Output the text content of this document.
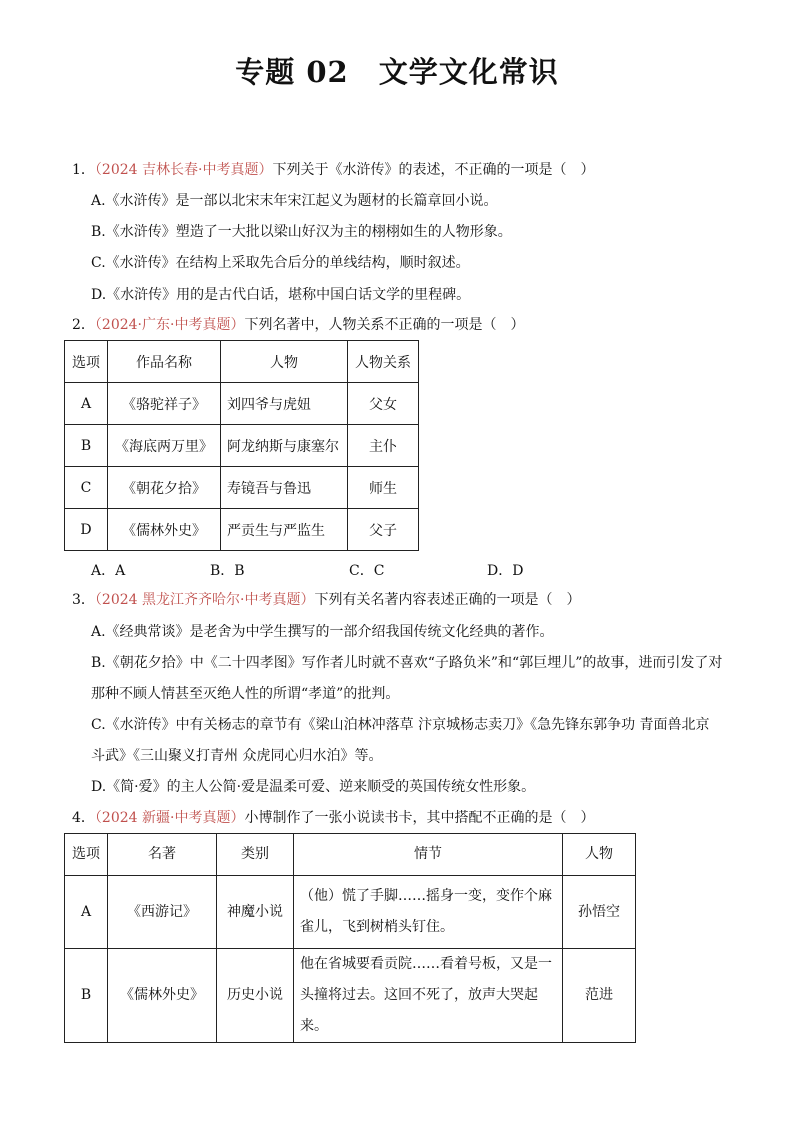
专题 02 文学文化常识
1．（2024 吉林长春·中考真题）下列关于《水浒传》的表述，不正确的一项是（　）
A.《水浒传》是一部以北宋末年宋江起义为题材的长篇章回小说。
B.《水浒传》塑造了一大批以梁山好汉为主的栩栩如生的人物形象。
C.《水浒传》在结构上采取先合后分的单线结构，顺时叙述。
D.《水浒传》用的是古代白话，堪称中国白话文学的里程碑。
2．（2024·广东·中考真题）下列名著中，人物关系不正确的一项是（　）
选项	作品名称	人物	人物关系
A	《骆驼祥子》	刘四爷与虎妞	父女
B	《海底两万里》	阿龙纳斯与康塞尔	主仆
C	《朝花夕拾》	寿镜吾与鲁迅	师生
D	《儒林外史》	严贡生与严监生	父子
A．A	B．B	C．C	D．D
3．（2024 黑龙江齐齐哈尔·中考真题）下列有关名著内容表述正确的一项是（　）
A.《经典常谈》是老舍为中学生撰写的一部介绍我国传统文化经典的著作。
B.《朝花夕拾》中《二十四孝图》写作者儿时就不喜欢“子路负米”和“郭巨埋儿”的故事，进而引发了对
那种不顾人情甚至灭绝人性的所谓“孝道”的批判。
C.《水浒传》中有关杨志的章节有《梁山泊林冲落草 汴京城杨志卖刀》《急先锋东郭争功 青面兽北京
斗武》《三山聚义打青州 众虎同心归水泊》等。
D.《简·爱》的主人公简·爱是温柔可爱、逆来顺受的英国传统女性形象。
4．（2024 新疆·中考真题）小博制作了一张小说读书卡，其中搭配不正确的是（　）
选项	名著	类别	情节	人物
A	《西游记》	神魔小说	（他）慌了手脚……摇身一变，变作个麻
雀儿，飞到树梢头钉住。	孙悟空
B	《儒林外史》	历史小说	他在省城要看贡院……看着号板，又是一
头撞将过去。这回不死了，放声大哭起来。	范进
